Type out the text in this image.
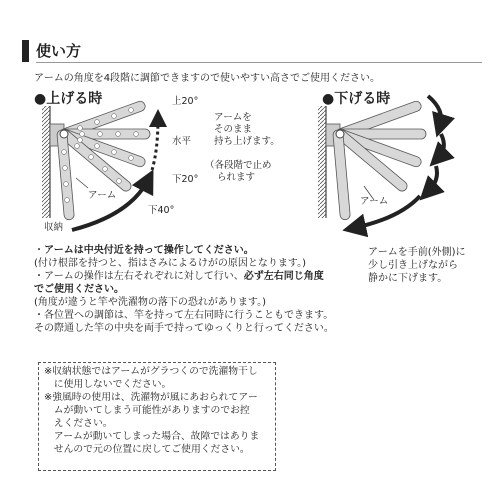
使い方
アームの角度を4段階に調節できますので使いやすい高さでご使用ください。
●上げる時	上20°
水平
下20°
下40°
収納
アーム
アームを
そのまま
持ち上げます。
（各段階で止め
られます
●下げる時
アーム
アームを手前(外側)に
少し引き上げながら
静かに下げます。
・アームは中央付近を持って操作してください。
(付け根部を持つと、指はさみによるけがの原因となります。)
・アームの操作は左右それぞれに対して行い、必ず左右同じ角度
でご使用ください。
(角度が違うと竿や洗濯物の落下の恐れがあります。)
・各位置への調節は、竿を持って左右同時に行うこともできます。
その際通した竿の中央を両手で持ってゆっくりと行ってください。
※収納状態ではアームがグラつくので洗濯物干し
　に使用しないでください。
※強風時の使用は、洗濯物が風にあおられてアー
　ムが動いてしまう可能性がありますのでお控
　えください。
　アームが動いてしまった場合、故障ではありま
　せんので元の位置に戻してご使用ください。
